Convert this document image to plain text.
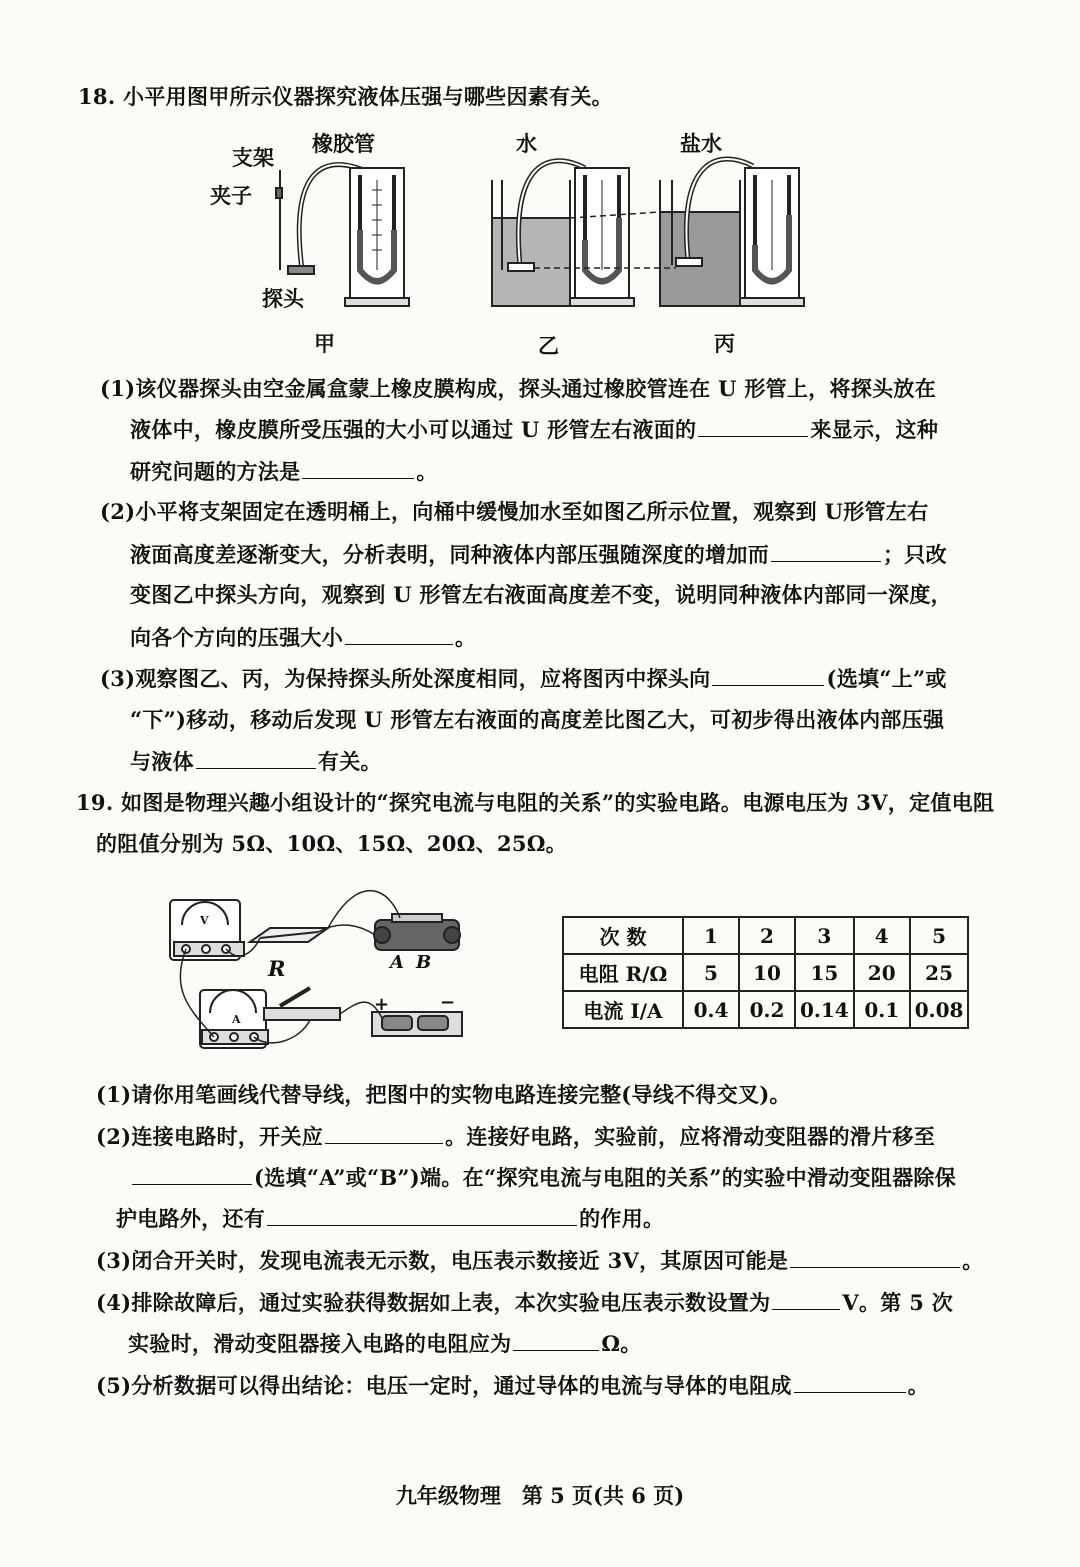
18. 小平用图甲所示仪器探究液体压强与哪些因素有关。
支架
橡胶管
夹子
探头
水	盐水
甲	乙	丙
(1)该仪器探头由空金属盒蒙上橡皮膜构成，探头通过橡胶管连在 U 形管上，将探头放在
液体中，橡皮膜所受压强的大小可以通过 U 形管左右液面的	来显示，这种
研究问题的方法是	。
(2)小平将支架固定在透明桶上，向桶中缓慢加水至如图乙所示位置，观察到 U形管左右
液面高度差逐渐变大，分析表明，同种液体内部压强随深度的增加而	；只改
变图乙中探头方向，观察到 U 形管左右液面高度差不变，说明同种液体内部同一深度，
向各个方向的压强大小	。
(3)观察图乙、丙，为保持探头所处深度相同，应将图丙中探头向	(选填“上”或
“下”)移动，移动后发现 U 形管左右液面的高度差比图乙大，可初步得出液体内部压强
与液体	有关。
19. 如图是物理兴趣小组设计的“探究电流与电阻的关系”的实验电路。电源电压为 3V，定值电阻
的阻值分别为 5Ω、10Ω、15Ω、20Ω、25Ω。
R	A B
+	−
V
A
次 数	1	2	3	4	5
电阻 R/Ω	5	10	15	20	25
电流 I/A	0.4	0.2	0.14	0.1	0.08
(1)请你用笔画线代替导线，把图中的实物电路连接完整(导线不得交叉)。
(2)连接电路时，开关应	。连接好电路，实验前，应将滑动变阻器的滑片移至
(选填“A”或“B”)端。在“探究电流与电阻的关系”的实验中滑动变阻器除保
护电路外，还有	的作用。
(3)闭合开关时，发现电流表无示数，电压表示数接近 3V，其原因可能是	。
(4)排除故障后，通过实验获得数据如上表，本次实验电压表示数设置为	V。第 5 次
实验时，滑动变阻器接入电路的电阻应为	Ω。
(5)分析数据可以得出结论：电压一定时，通过导体的电流与导体的电阻成	。
九年级物理　第 5 页(共 6 页)
